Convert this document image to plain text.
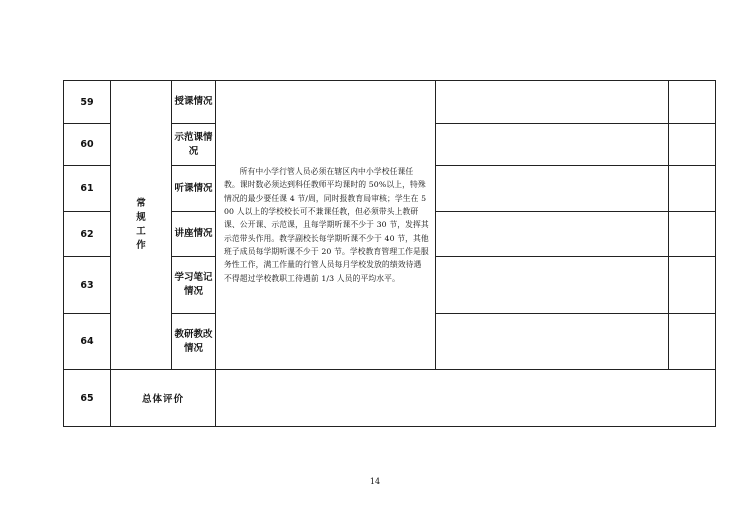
59	常规工作	授课情况	所有中小学行管人员必须在辖区内中小学校任课任教。课时数必须达到科任教师平均课时的 50%以上，特殊情况的最少要任课 4 节/周，同时报教育局审核；学生在 500 人以上的学校校长可不兼课任教，但必须带头上教研课、公开课、示范课，且每学期听课不少于 30 节，发挥其示范带头作用。教学副校长每学期听课不少于 40 节，其他班子成员每学期听课不少于 20 节。学校教育管理工作是服务性工作，满工作量的行管人员每月学校发放的绩效待遇不得超过学校教职工待遇前 1/3 人员的平均水平。		

60		示范课情况			
61		听课情况			
62		讲座情况			
63		学习笔记情况			
64		教研教改情况			
65	总体评价				
14
